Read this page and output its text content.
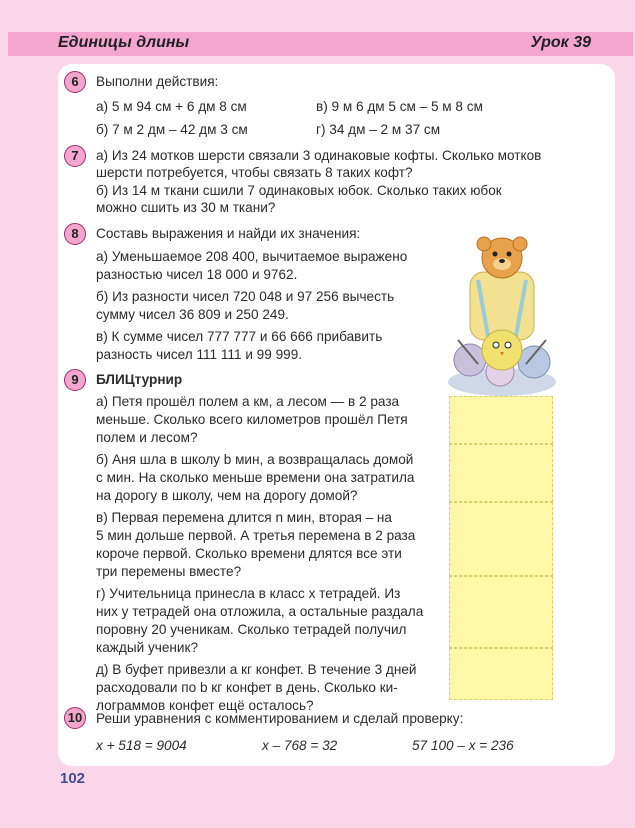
Единицы длины	Урок 39
6	Выполни действия:
а) 5 м 94 см + 6 дм 8 см	в) 9 м 6 дм 5 см – 5 м 8 см
б) 7 м 2 дм – 42 дм 3 см	г) 34 дм – 2 м 37 см
7	а) Из 24 мотков шерсти связали 3 одинаковые кофты. Сколько мотков
шерсти потребуется, чтобы связать 8 таких кофт?
б) Из 14 м ткани сшили 7 одинаковых юбок. Сколько таких юбок
можно сшить из 30 м ткани?
8	Составь выражения и найди их значения:
а) Уменьшаемое 208 400, вычитаемое выражено
разностью чисел 18 000 и 9762.
б) Из разности чисел 720 048 и 97 256 вычесть
сумму чисел 36 809 и 250 249.
в) К сумме чисел 777 777 и 66 666 прибавить
разность чисел 111 111 и 99 999.
9	БЛИЦтурнир
а) Петя прошёл полем a км, а лесом — в 2 раза
меньше. Сколько всего километров прошёл Петя
полем и лесом?
б) Аня шла в школу b мин, а возвращалась домой
c мин. На сколько меньше времени она затратила
на дорогу в школу, чем на дорогу домой?
в) Первая перемена длится n мин, вторая – на
5 мин дольше первой. А третья перемена в 2 раза
короче первой. Сколько времени длятся все эти
три перемены вместе?
г) Учительница принесла в класс x тетрадей. Из
них y тетрадей она отложила, а остальные раздала
поровну 20 ученикам. Сколько тетрадей получил
каждый ученик?
д) В буфет привезли a кг конфет. В течение 3 дней
расходовали по b кг конфет в день. Сколько ки-
лограммов конфет ещё осталось?
10 Реши уравнения с комментированием и сделай проверку:
x + 518 = 9004	x – 768 = 32	57 100 – x = 236
102
